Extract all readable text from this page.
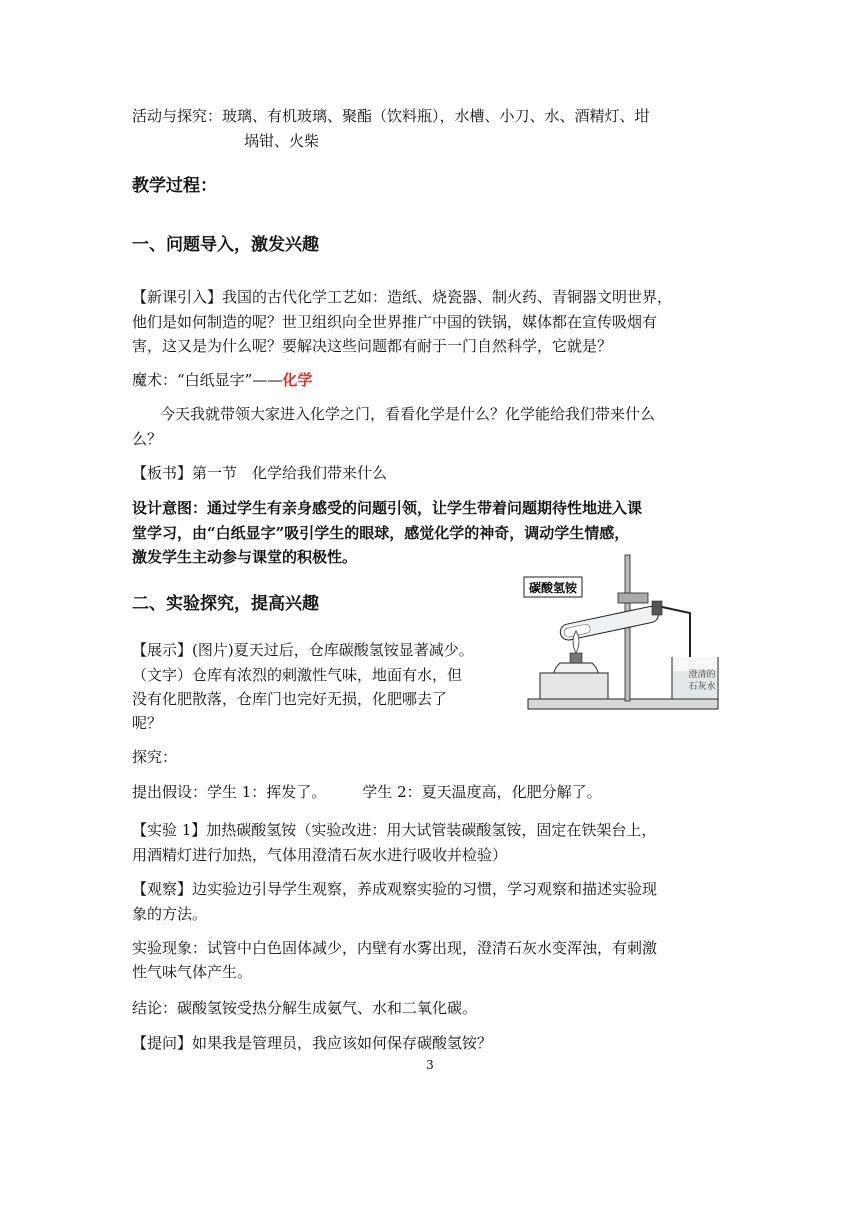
活动与探究：玻璃、有机玻璃、聚酯（饮料瓶），水槽、小刀、水、酒精灯、坩
埚钳、火柴
教学过程：
一、问题导入，激发兴趣
【新课引入】我国的古代化学工艺如：造纸、烧瓷器、制火药、青铜器文明世界，
他们是如何制造的呢？世卫组织向全世界推广中国的铁锅，媒体都在宣传吸烟有
害，这又是为什么呢？要解决这些问题都有耐于一门自然科学，它就是？
魔术：“白纸显字”——化学
今天我就带领大家进入化学之门，看看化学是什么？化学能给我们带来什么
么？
【板书】第一节　化学给我们带来什么
设计意图：通过学生有亲身感受的问题引领，让学生带着问题期待性地进入课
堂学习，由“白纸显字”吸引学生的眼球，感觉化学的神奇，调动学生情感，
激发学生主动参与课堂的积极性。
二、实验探究，提高兴趣
【展示】(图片)夏天过后，仓库碳酸氢铵显著减少。
（文字）仓库有浓烈的刺激性气味，地面有水，但
没有化肥散落，仓库门也完好无损，化肥哪去了
呢？
碳酸氢铵
澄清的
石灰水
探究：
提出假设：学生 1：挥发了。 学生 2：夏天温度高，化肥分解了。
【实验 1】加热碳酸氢铵（实验改进：用大试管装碳酸氢铵，固定在铁架台上，
用酒精灯进行加热，气体用澄清石灰水进行吸收并检验）
【观察】边实验边引导学生观察，养成观察实验的习惯，学习观察和描述实验现
象的方法。
实验现象：试管中白色固体减少，内壁有水雾出现，澄清石灰水变浑浊，有刺激
性气味气体产生。
结论：碳酸氢铵受热分解生成氨气、水和二氧化碳。
【提问】如果我是管理员，我应该如何保存碳酸氢铵？
3
